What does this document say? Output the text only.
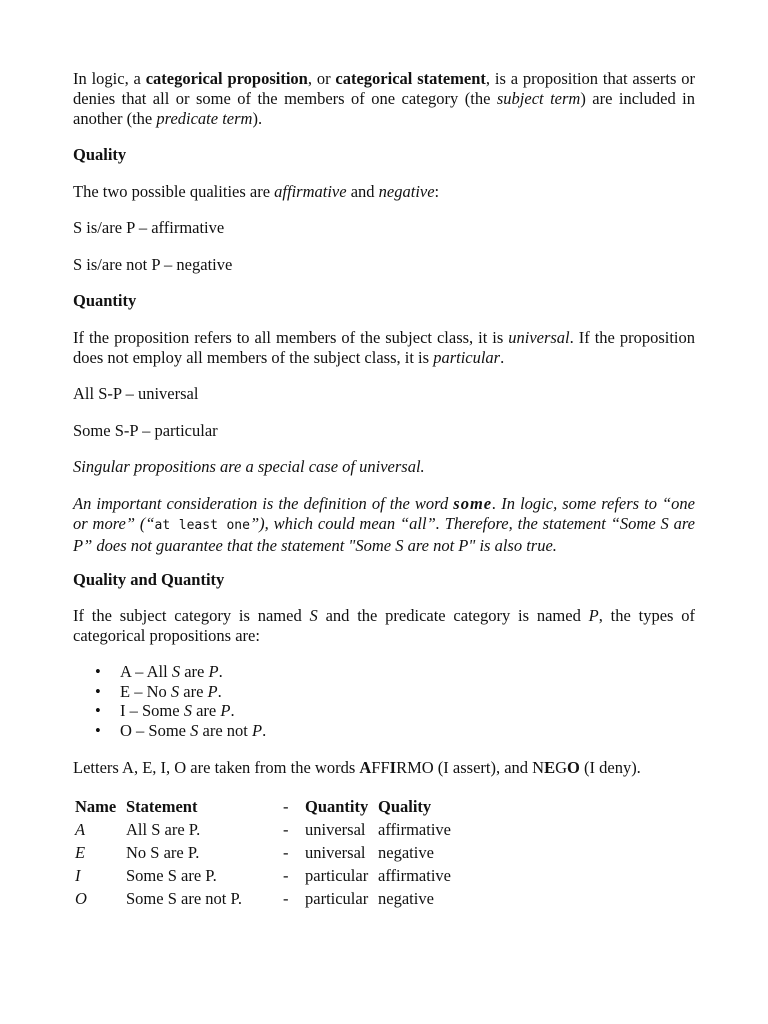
In logic, a categorical proposition, or categorical statement, is a proposition that asserts or denies that all or some of the members of one category (the subject term) are included in another (the predicate term).

Quality

The two possible qualities are affirmative and negative:

S is/are P – affirmative

S is/are not P – negative

Quantity

If the proposition refers to all members of the subject class, it is universal. If the proposition does not employ all members of the subject class, it is particular.

All S-P – universal

Some S-P – particular

Singular propositions are a special case of universal.

An important consideration is the definition of the word some. In logic, some refers to “one or more” (“at least one”), which could mean “all”. Therefore, the statement “Some S are P” does not guarantee that the statement "Some S are not P" is also true.

Quality and Quantity

If the subject category is named S and the predicate category is named P, the types of categorical propositions are:

• A – All S are P.
• E – No S are P.
• I – Some S are P.
• O – Some S are not P.

Letters A, E, I, O are taken from the words AFFIRMO (I assert), and NEGO (I deny).

Name	Statement	-	Quantity	Quality
A	All S are P.	-	universal	affirmative
E	No S are P.	-	universal	negative
I	Some S are P.	-	particular	affirmative
O	Some S are not P.	-	particular	negative
